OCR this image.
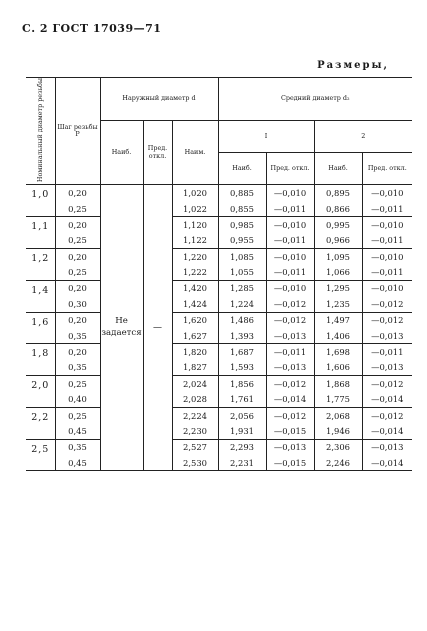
С. 2 ГОСТ 17039—71
Размеры,
Номинальный диаметр резьбы	Шаг резьбы P	Наружный диаметр d			Средний диаметр d₂			
		Наиб.	Пред. откл.	Наим.	I		2	
					Наиб.	Пред. откл.	Наиб.	Пред. откл.
1,0	0,20	Не задается	—	1,020	0,885	—0,010	0,895	—0,010
	0,25			1,022	0,855	—0,011	0,866	—0,011
1,1	0,20			1,120	0,985	—0,010	0,995	—0,010
	0,25			1,122	0,955	—0,011	0,966	—0,011
1,2	0,20			1,220	1,085	—0,010	1,095	—0,010
	0,25			1,222	1,055	—0,011	1,066	—0,011
1,4	0,20			1,420	1,285	—0,010	1,295	—0,010
	0,30			1,424	1,224	—0,012	1,235	—0,012
1,6	0,20			1,620	1,486	—0,012	1,497	—0,012
	0,35			1,627	1,393	—0,013	1,406	—0,013
1,8	0,20			1,820	1,687	—0,011	1,698	—0,011
	0,35			1,827	1,593	—0,013	1,606	—0,013
2,0	0,25			2,024	1,856	—0,012	1,868	—0,012
	0,40			2,028	1,761	—0,014	1,775	—0,014
2,2	0,25			2,224	2,056	—0,012	2,068	—0,012
	0,45			2,230	1,931	—0,015	1,946	—0,014
2,5	0,35			2,527	2,293	—0,013	2,306	—0,013
	0,45			2,530	2,231	—0,015	2,246	—0,014
